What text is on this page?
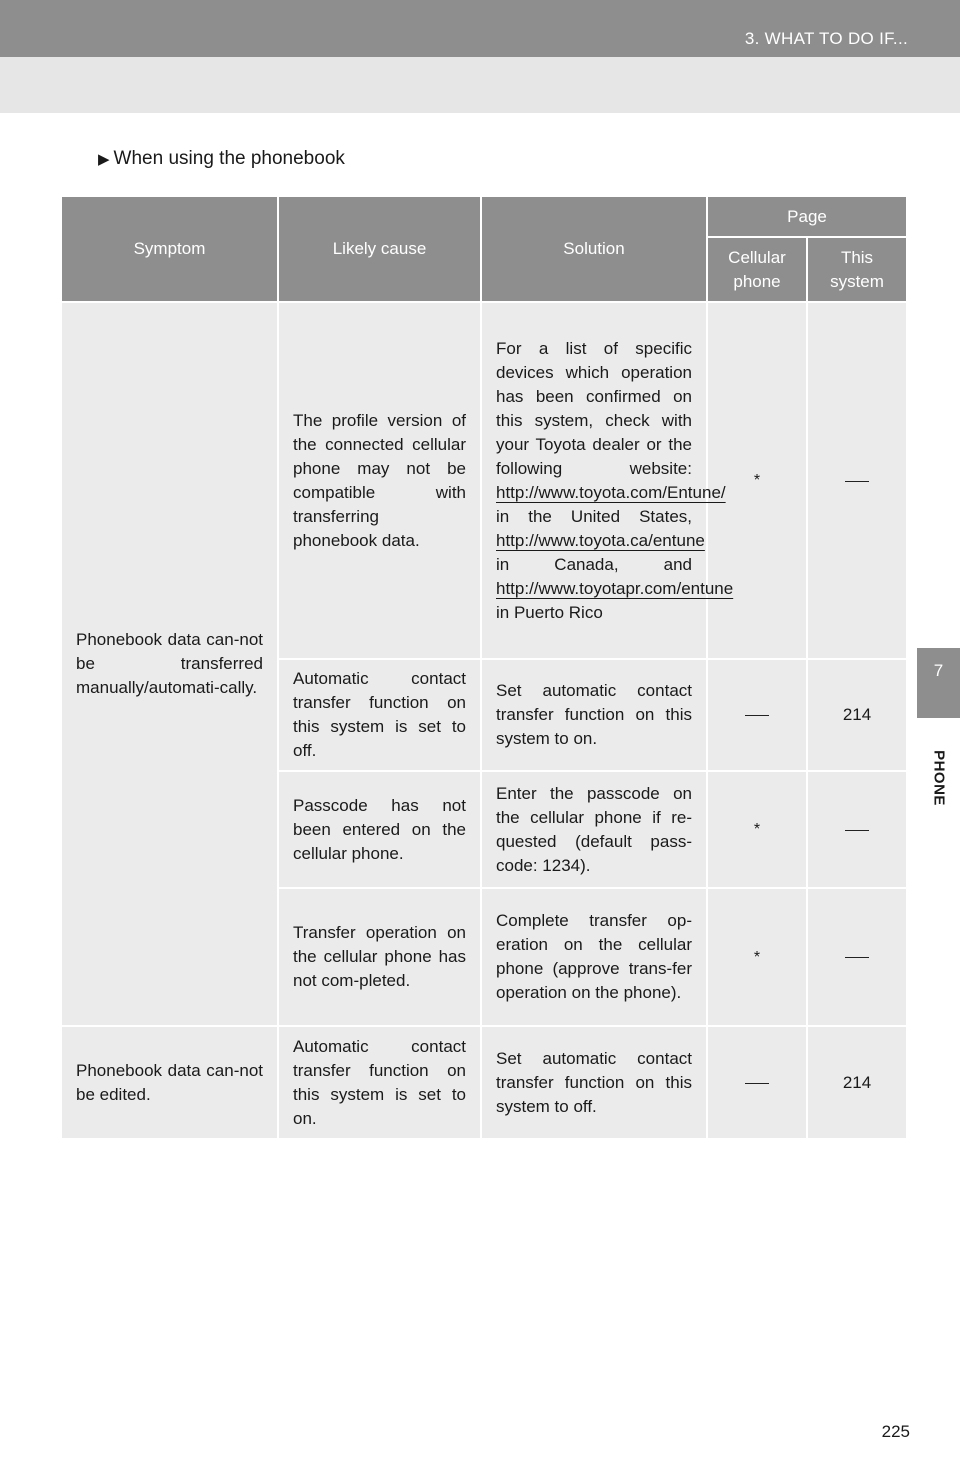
3. WHAT TO DO IF...
7
PHONE
▶ When using the phonebook
Symptom	Likely cause	Solution	Page	
			Cellular phone	This system
Phonebook data can-not be transferred manually/automati-cally.	The profile version of the connected cellular phone may not be compatible with transferring phonebook data.	For a list of specific devices which operation has been confirmed on this system, check with your Toyota dealer or the following website: http://www.toyota.com/Entune/ in the United States, http://www.toyota.ca/entune in Canada, and http://www.toyotapr.com/entune in Puerto Rico	*	
	Automatic contact transfer function on this system is set to off.	Set automatic contact transfer function on this system to on.		214
	Passcode has not been entered on the cellular phone.	Enter the passcode on the cellular phone if re-quested (default pass-code: 1234).	*	
	Transfer operation on the cellular phone has not com-pleted.	Complete transfer op-eration on the cellular phone (approve trans-fer operation on the phone).	*	
Phonebook data can-not be edited.	Automatic contact transfer function on this system is set to on.	Set automatic contact transfer function on this system to off.		214
225
